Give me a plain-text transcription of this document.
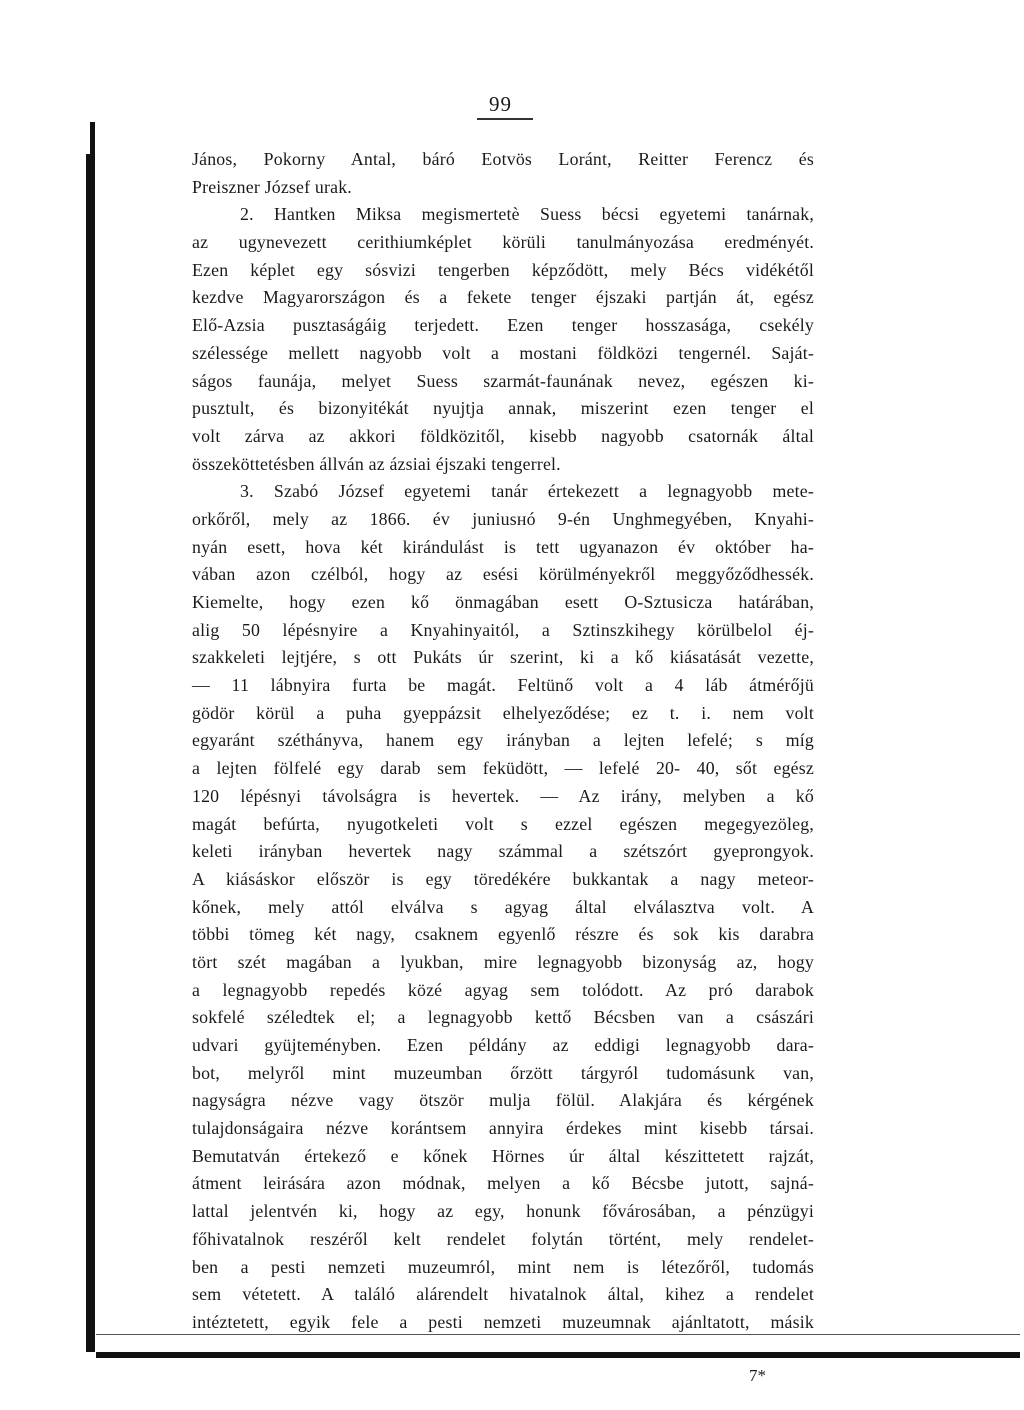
99
János, Pokorny Antal, báró Eotvös Loránt, Reitter Ferencz és
Preiszner József urak.
2. Hantken Miksa megismertetè Suess bécsi egyetemi tanárnak,
az ugynevezett cerithiumképlet körüli tanulmányozása eredményét.
Ezen képlet egy sósvizi tengerben képződött, mely Bécs vidékétől
kezdve Magyarországon és a fekete tenger éjszaki partján át, egész
Elő-Azsia pusztaságáig terjedett. Ezen tenger hosszasága, csekély
szélessége mellett nagyobb volt a mostani földközi tengernél. Saját-
ságos faunája, melyet Suess szarmát-faunának nevez, egészen ki-
pusztult, és bizonyitékát nyujtja annak, miszerint ezen tenger el
volt zárva az akkori földközitől, kisebb nagyobb csatornák által
összeköttetésben állván az ázsiai éjszaki tengerrel.
3. Szabó József egyetemi tanár értekezett a legnagyobb mete-
orkőről, mely az 1866. év juniusнó 9-én Unghmegyében, Knyahi-
nyán esett, hova két kirándulást is tett ugyanazon év október ha-
vában azon czélból, hogy az esési körülményekről meggyőződhessék.
Kiemelte, hogy ezen kő önmagában esett O-Sztusicza határában,
alig 50 lépésnyire a Knyahinyaitól, a Sztinszkihegy körülbelol éj-
szakkeleti lejtjére, s ott Pukáts úr szerint, ki a kő kiásatását vezette,
— 11 lábnyira furta be magát. Feltünő volt a 4 láb átmérőjü
gödör körül a puha gyeppázsit elhelyeződése; ez t. i. nem volt
egyaránt széthányva, hanem egy irányban a lejten lefelé; s míg
a lejten fölfelé egy darab sem feküdött, — lefelé 20- 40, sőt egész
120 lépésnyi távolságra is hevertek. — Az irány, melyben a kő
magát befúrta, nyugotkeleti volt s ezzel egészen megegyezöleg,
keleti irányban hevertek nagy számmal a szétszórt gyeprongyok.
A kiásáskor először is egy töredékére bukkantak a nagy meteor-
kőnek, mely attól elválva s agyag által elválasztva volt. A
többi tömeg két nagy, csaknem egyenlő részre és sok kis darabra
tört szét magában a lyukban, mire legnagyobb bizonyság az, hogy
a legnagyobb repedés közé agyag sem tolódott. Az pró darabok
sokfelé széledtek el; a legnagyobb kettő Bécsben van a császári
udvari gyüjteményben. Ezen példány az eddigi legnagyobb dara-
bot, melyről mint muzeumban őrzött tárgyról tudomásunk van,
nagyságra nézve vagy ötször mulja fölül. Alakjára és kérgének
tulajdonságaira nézve korántsem annyira érdekes mint kisebb társai.
Bemutatván értekező e kőnek Hörnes úr által készittetett rajzát,
átment leirására azon módnak, melyen a kő Bécsbe jutott, sajná-
lattal jelentvén ki, hogy az egy, honunk fővárosában, a pénzügyi
főhivatalnok reszéről kelt rendelet folytán történt, mely rendelet-
ben a pesti nemzeti muzeumról, mint nem is létezőről, tudomás
sem vétetett. A találó alárendelt hivatalnok által, kihez a rendelet
intéztetett, egyik fele a pesti nemzeti muzeumnak ajánltatott, másik
7*
